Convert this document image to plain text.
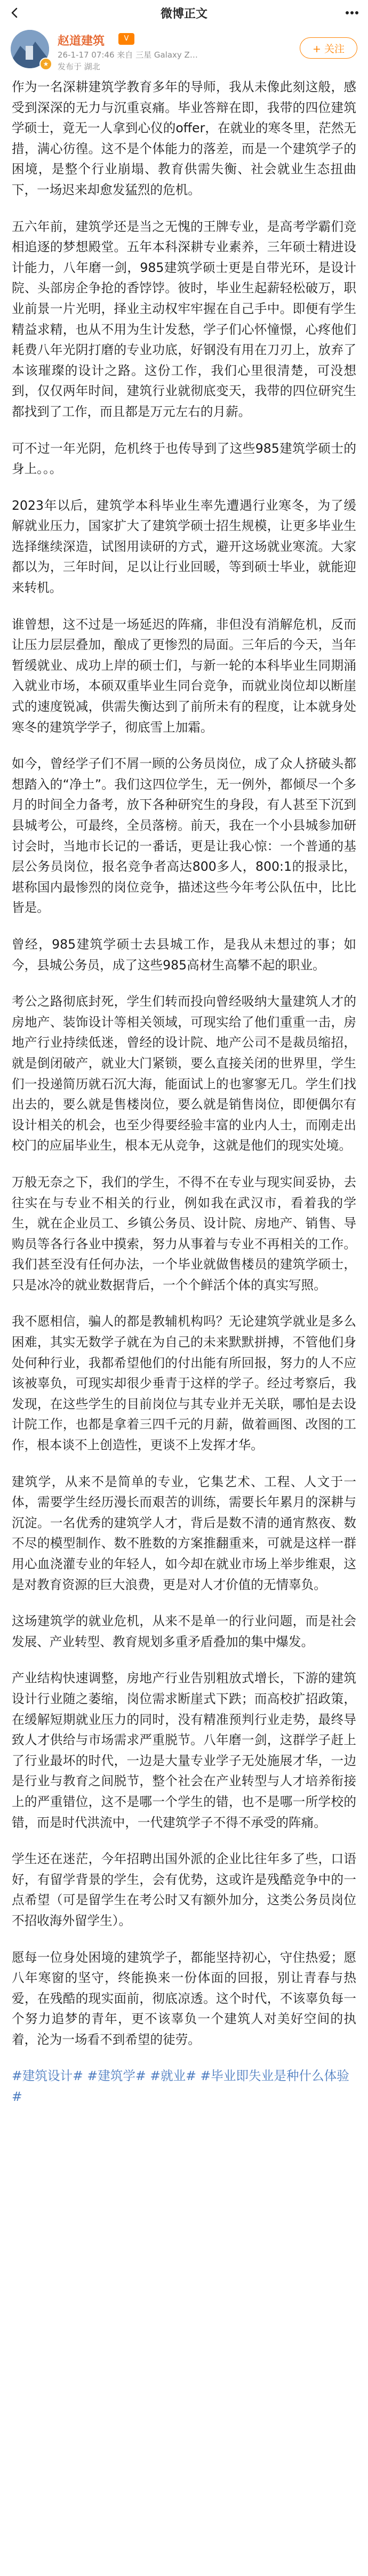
微博正文
★
赵道建筑	V
26-1-17 07:46 来自 三星 Galaxy Z…
发布于 湖北
+ 关注

作为一名深耕建筑学教育多年的导师，我从未像此刻这般，感受到深深的无力与沉重哀痛。毕业答辩在即，我带的四位建筑学硕士，竟无一人拿到心仪的offer，在就业的寒冬里，茫然无措，满心彷徨。这不是个体能力的落差，而是一个建筑学子的困境，是整个行业崩塌、教育供需失衡、社会就业生态扭曲下，一场迟来却愈发猛烈的危机。

五六年前，建筑学还是当之无愧的王牌专业，是高考学霸们竞相追逐的梦想殿堂。五年本科深耕专业素养，三年硕士精进设计能力，八年磨一剑，985建筑学硕士更是自带光环，是设计院、头部房企争抢的香饽饽。彼时，毕业生起薪轻松破万，职业前景一片光明，择业主动权牢牢握在自己手中。即便有学生精益求精，也从不用为生计发愁，学子们心怀憧憬，心疼他们耗费八年光阴打磨的专业功底，好钢没有用在刀刃上，放弃了本该璀璨的设计之路。这份工作，我们心里很清楚，可没想到，仅仅两年时间，建筑行业就彻底变天，我带的四位研究生都找到了工作，而且都是万元左右的月薪。

可不过一年光阴，危机终于也传导到了这些985建筑学硕士的身上。。。

2023年以后，建筑学本科毕业生率先遭遇行业寒冬，为了缓解就业压力，国家扩大了建筑学硕士招生规模，让更多毕业生选择继续深造，试图用读研的方式，避开这场就业寒流。大家都以为，三年时间，足以让行业回暖，等到硕士毕业，就能迎来转机。

谁曾想，这不过是一场延迟的阵痛，非但没有消解危机，反而让压力层层叠加，酿成了更惨烈的局面。三年后的今天，当年暂缓就业、成功上岸的硕士们，与新一轮的本科毕业生同期涌入就业市场，本硕双重毕业生同台竞争，而就业岗位却以断崖式的速度锐减，供需失衡达到了前所未有的程度，让本就身处寒冬的建筑学学子，彻底雪上加霜。

如今，曾经学子们不屑一顾的公务员岗位，成了众人挤破头都想踏入的“净土”。我们这四位学生，无一例外，都倾尽一个多月的时间全力备考，放下各种研究生的身段，有人甚至下沉到县城考公，可最终，全员落榜。前天，我在一个小县城参加研讨会时，当地市长记的一番话，更是让我心惊：一个普通的基层公务员岗位，报名竞争者高达800多人，800:1的报录比，堪称国内最惨烈的岗位竞争，描述这些今年考公队伍中，比比皆是。

曾经，985建筑学硕士去县城工作，是我从未想过的事；如今，县城公务员，成了这些985高材生高攀不起的职业。

考公之路彻底封死，学生们转而投向曾经吸纳大量建筑人才的房地产、装饰设计等相关领域，可现实给了他们重重一击，房地产行业持续低迷，曾经的设计院、地产公司不是裁员缩招，就是倒闭破产，就业大门紧锁，要么直接关闭的世界里，学生们一投递简历就石沉大海，能面试上的也寥寥无几。学生们找出去的，要么就是售楼岗位，要么就是销售岗位，即便偶尔有设计相关的机会，也至少得要经验丰富的业内人士，而刚走出校门的应届毕业生，根本无从竞争，这就是他们的现实处境。

万般无奈之下，我们的学生，不得不在专业与现实间妥协，去往实在与专业不相关的行业，例如我在武汉市，看着我的学生，就在企业员工、乡镇公务员、设计院、房地产、销售、导购员等各行各业中摸索，努力从事着与专业不再相关的工作。我们甚至没有任何办法，一个毕业就做售楼员的建筑学硕士，只是冰冷的就业数据背后，一个个鲜活个体的真实写照。

我不愿相信，骗人的都是教辅机构吗？无论建筑学就业是多么困难，其实无数学子就在为自己的未来默默拼搏，不管他们身处何种行业，我都希望他们的付出能有所回报，努力的人不应该被辜负，可现实却很少垂青于这样的学子。经过考察后，我发现，在这些学生的目前岗位与其专业并无关联，哪怕是去设计院工作，也都是拿着三四千元的月薪，做着画图、改图的工作，根本谈不上创造性，更谈不上发挥才华。

建筑学，从来不是简单的专业，它集艺术、工程、人文于一体，需要学生经历漫长而艰苦的训练，需要长年累月的深耕与沉淀。一名优秀的建筑学人才，背后是数不清的通宵熬夜、数不尽的模型制作、数不胜数的方案推翻重来，可就是这样一群用心血浇灌专业的年轻人，如今却在就业市场上举步维艰，这是对教育资源的巨大浪费，更是对人才价值的无情辜负。

这场建筑学的就业危机，从来不是单一的行业问题，而是社会发展、产业转型、教育规划多重矛盾叠加的集中爆发。

产业结构快速调整，房地产行业告别粗放式增长，下游的建筑设计行业随之萎缩，岗位需求断崖式下跌；而高校扩招政策，在缓解短期就业压力的同时，没有精准预判行业走势，最终导致人才供给与市场需求严重脱节。八年磨一剑，这群学子赶上了行业最坏的时代，一边是大量专业学子无处施展才华，一边是行业与教育之间脱节，整个社会在产业转型与人才培养衔接上的严重错位，这不是哪一个学生的错，也不是哪一所学校的错，而是时代洪流中，一代建筑学子不得不承受的阵痛。

学生还在迷茫，今年招聘出国外派的企业比往年多了些，口语好，有留学背景的学生，会有优势，这或许是残酷竞争中的一点希望（可是留学生在考公时又有额外加分，这类公务员岗位不招收海外留学生）。

愿每一位身处困境的建筑学子，都能坚持初心，守住热爱；愿八年寒窗的坚守，终能换来一份体面的回报，别让青春与热爱，在残酷的现实面前，彻底凉透。这个时代，不该辜负每一个努力追梦的青年，更不该辜负一个建筑人对美好空间的执着，沦为一场看不到希望的徒劳。

#建筑设计# #建筑学# #就业# #毕业即失业是种什么体验#
